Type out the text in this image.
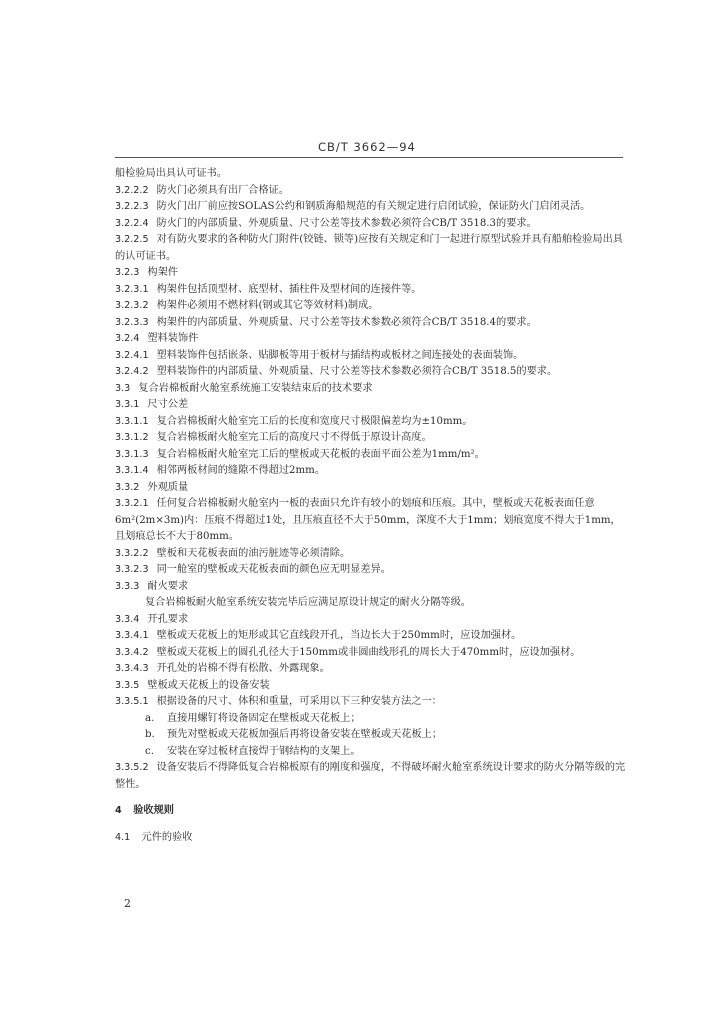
CB/T 3662—94
船检验局出具认可证书。
3.2.2.2 防火门必须具有出厂合格证。
3.2.2.3 防火门出厂前应按SOLAS公约和钢质海船规范的有关规定进行启闭试验，保证防火门启闭灵活。
3.2.2.4 防火门的内部质量、外观质量、尺寸公差等技术参数必须符合CB/T 3518.3的要求。
3.2.2.5 对有防火要求的各种防火门附件(铰链、锁等)应按有关规定和门一起进行原型试验并具有船舶检验局出具的认可证书。
3.2.3 构架件
3.2.3.1 构架件包括顶型材、底型材、插柱件及型材间的连接件等。
3.2.3.2 构架件必须用不燃材料(钢或其它等效材料)制成。
3.2.3.3 构架件的内部质量、外观质量、尺寸公差等技术参数必须符合CB/T 3518.4的要求。
3.2.4 塑料装饰件
3.2.4.1 塑料装饰件包括嵌条、贴脚板等用于板材与插结构或板材之间连接处的表面装饰。
3.2.4.2 塑料装饰件的内部质量、外观质量、尺寸公差等技术参数必须符合CB/T 3518.5的要求。
3.3 复合岩棉板耐火舱室系统施工安装结束后的技术要求
3.3.1 尺寸公差
3.3.1.1 复合岩棉板耐火舱室完工后的长度和宽度尺寸极限偏差均为±10mm。
3.3.1.2 复合岩棉板耐火舱室完工后的高度尺寸不得低于原设计高度。
3.3.1.3 复合岩棉板耐火舱室完工后的壁板或天花板的表面平面公差为1mm/m²。
3.3.1.4 相邻两板材间的缝隙不得超过2mm。
3.3.2 外观质量
3.3.2.1 任何复合岩棉板耐火舱室内一板的表面只允许有较小的划痕和压痕。其中，壁板或天花板表面任意6m²(2m×3m)内：压痕不得超过1处，且压痕直径不大于50mm，深度不大于1mm；划痕宽度不得大于1mm，且划痕总长不大于80mm。
3.3.2.2 壁板和天花板表面的油污脏迹等必须清除。
3.3.2.3 同一舱室的壁板或天花板表面的颜色应无明显差异。
3.3.3 耐火要求
复合岩棉板耐火舱室系统安装完毕后应满足原设计规定的耐火分隔等级。
3.3.4 开孔要求
3.3.4.1 壁板或天花板上的矩形或其它直线段开孔，当边长大于250mm时，应设加强材。
3.3.4.2 壁板或天花板上的圆孔孔径大于150mm或非圆曲线形孔的周长大于470mm时，应设加强材。
3.3.4.3 开孔处的岩棉不得有松散、外露现象。
3.3.5 壁板或天花板上的设备安装
3.3.5.1 根据设备的尺寸、体积和重量，可采用以下三种安装方法之一：
a. 直接用螺钉将设备固定在壁板或天花板上；
b. 预先对壁板或天花板加强后再将设备安装在壁板或天花板上；
c. 安装在穿过板材直接焊于钢结构的支架上。
3.3.5.2 设备安装后不得降低复合岩棉板原有的刚度和强度，不得破坏耐火舱室系统设计要求的防火分隔等级的完整性。
4 验收规则
4.1 元件的验收
2
